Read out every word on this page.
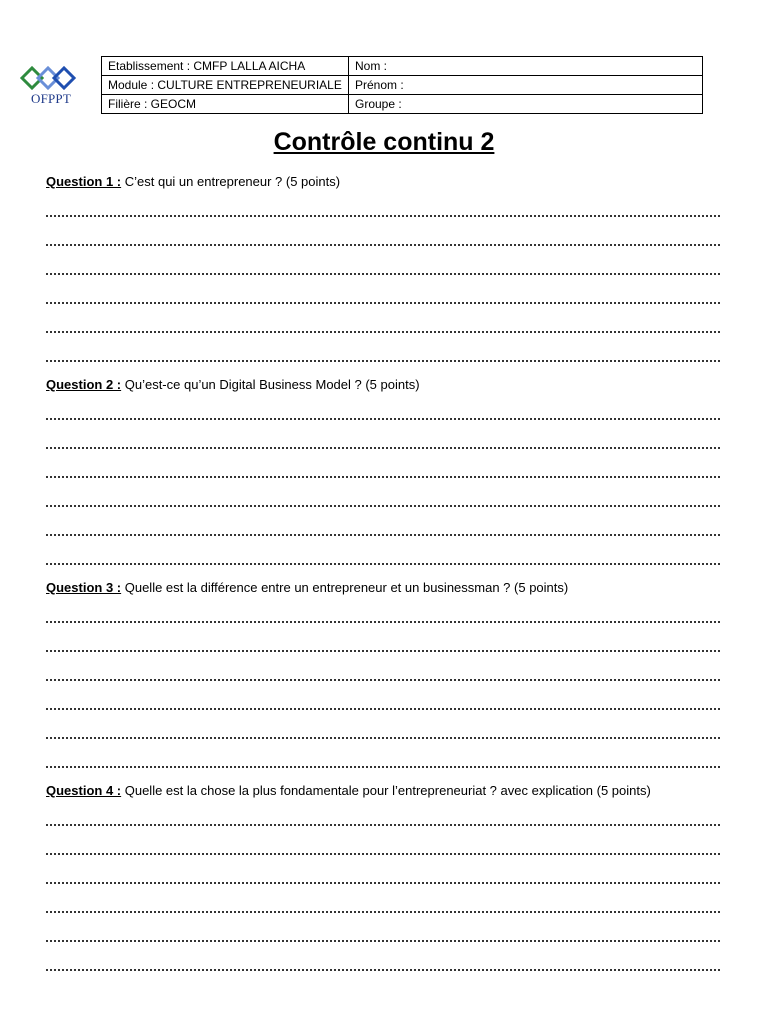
OFPPT
Etablissement : CMFP LALLA AICHA	Nom :
Module : CULTURE ENTREPRENEURIALE	Prénom :
Filière : GEOCM	Groupe :
Contrôle continu 2
Question 1 : C’est qui un entrepreneur ? (5 points)
Question 2 : Qu’est-ce qu’un Digital Business Model ? (5 points)
Question 3 : Quelle est la différence entre un entrepreneur et un businessman ? (5 points)
Question 4 : Quelle est la chose la plus fondamentale pour l’entrepreneuriat ? avec explication (5 points)
